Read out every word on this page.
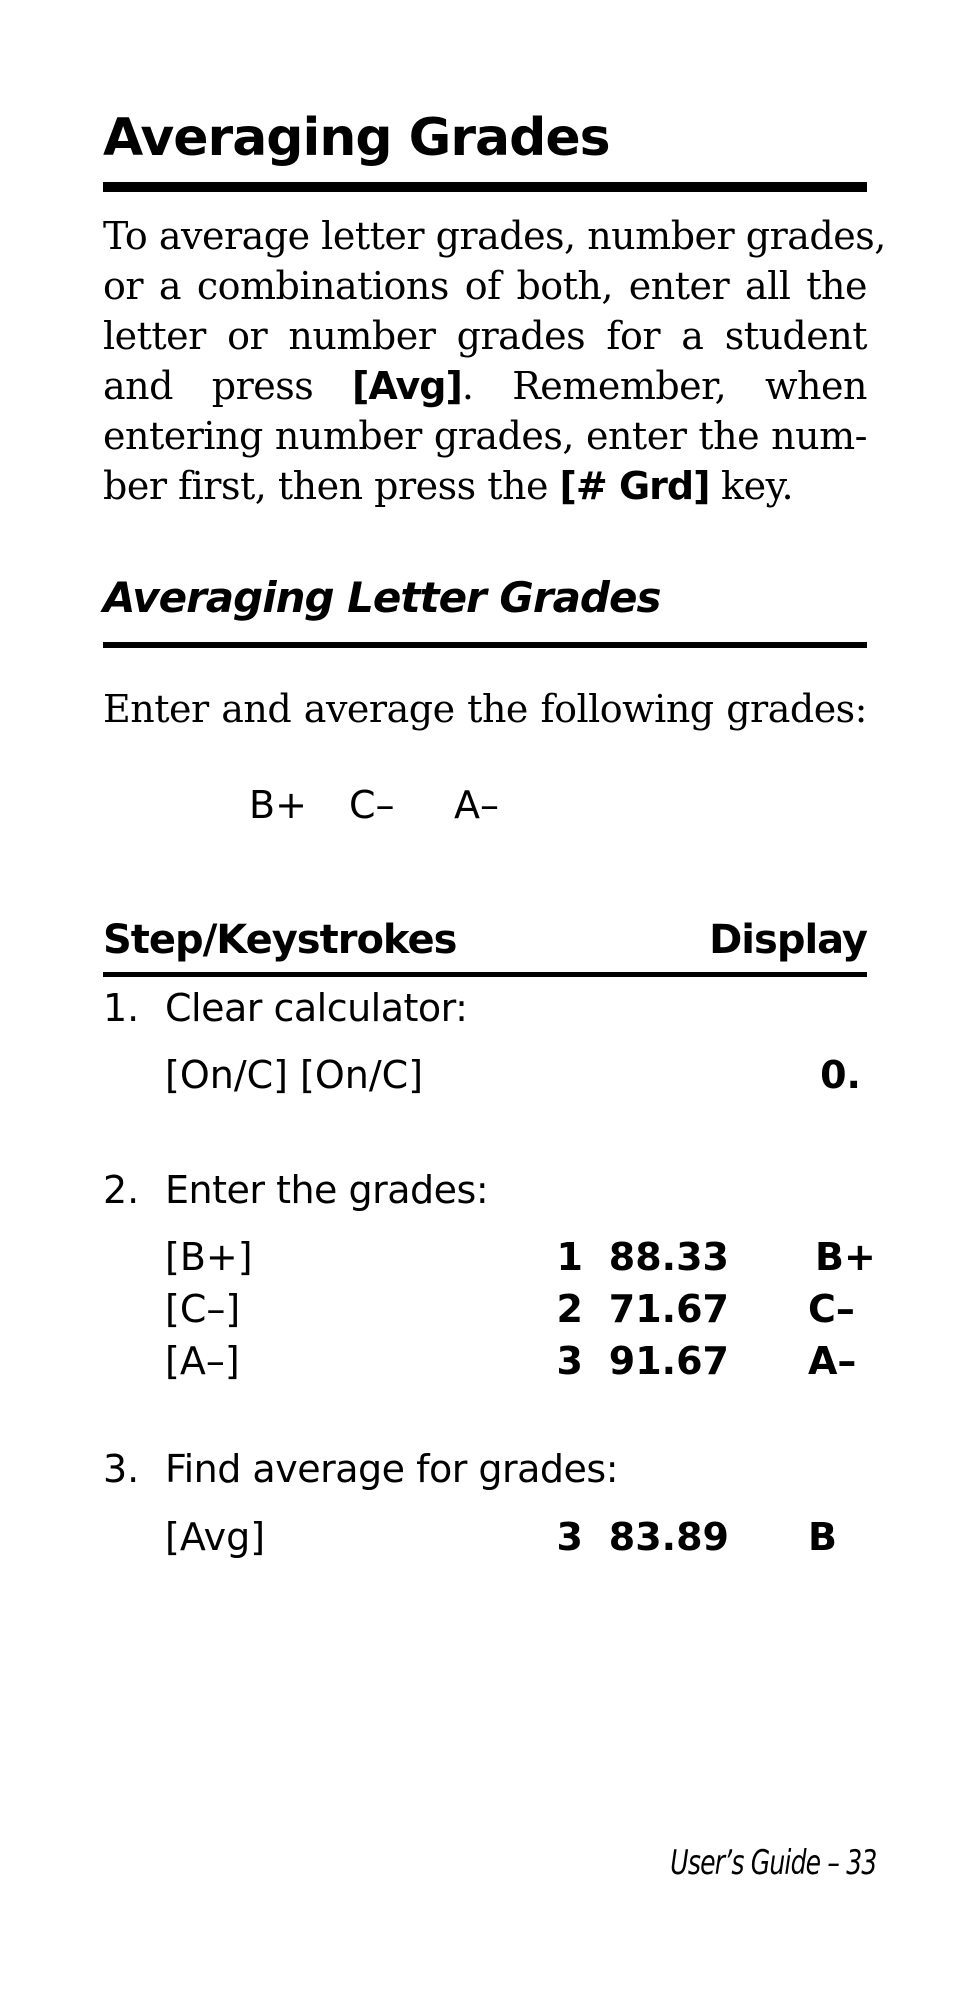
Averaging Grades
To average letter grades, number grades,
or a combinations of both, enter all the
letter or number grades for a student
and press [Avg]. Remember, when
entering number grades, enter the num-
ber first, then press the [# Grd] key.
Averaging Letter Grades
Enter and average the following grades:
B+ C– A–
Step/Keystrokes	Display
1. Clear calculator:
[On/C] [On/C]	0.
2. Enter the grades:
[B+]	1 88.33 B+
[C–]	2 71.67 C–
[A–]	3 91.67 A–
3. Find average for grades:
[Avg]	3 83.89 B
User’s Guide – 33
